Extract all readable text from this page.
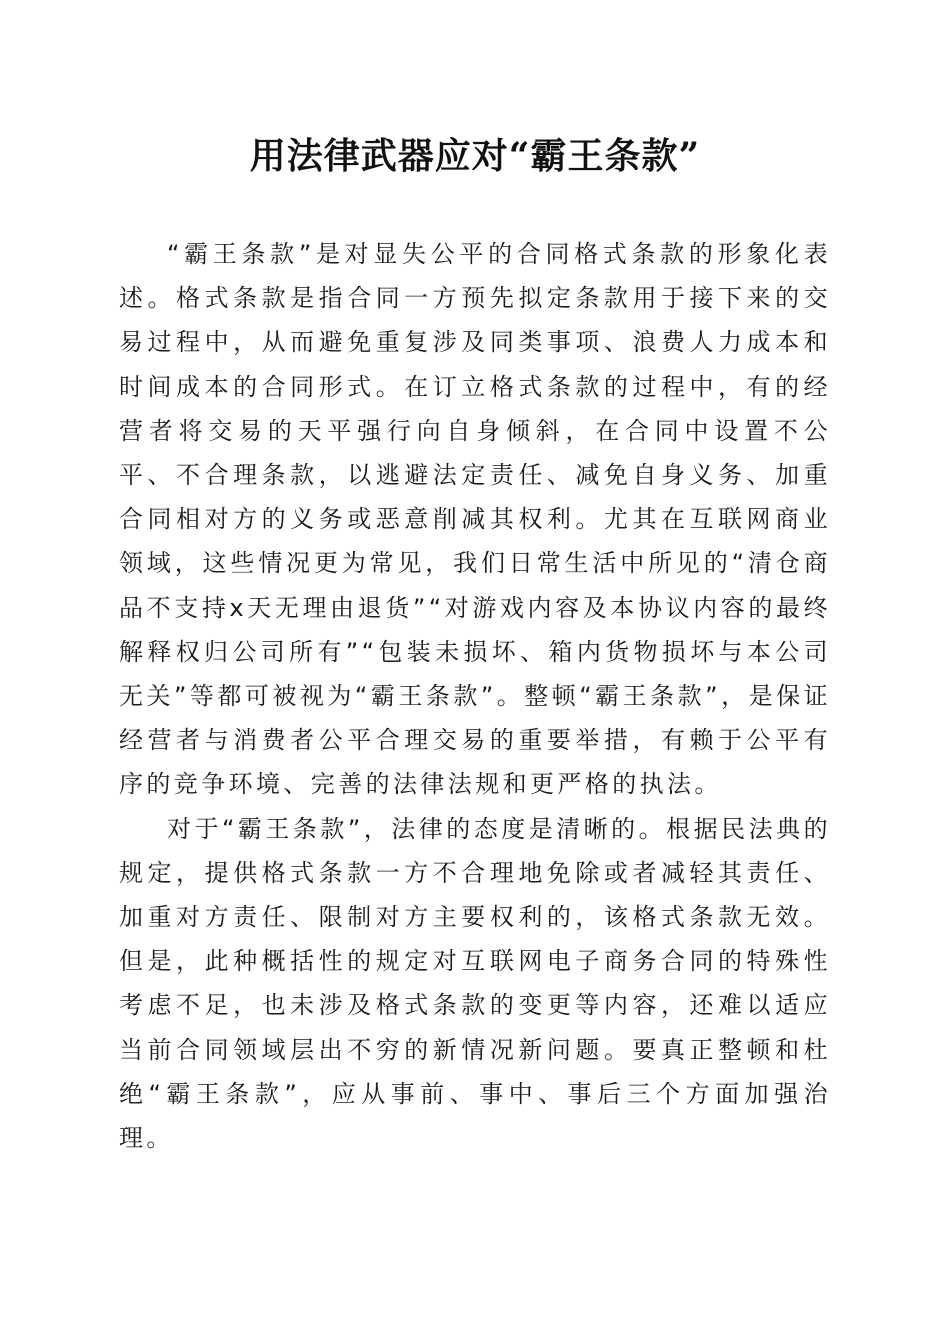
用法律武器应对“霸王条款”

“霸王条款”是对显失公平的合同格式条款的形象化表述。格式条款是指合同一方预先拟定条款用于接下来的交易过程中，从而避免重复涉及同类事项、浪费人力成本和时间成本的合同形式。在订立格式条款的过程中，有的经营者将交易的天平强行向自身倾斜，在合同中设置不公平、不合理条款，以逃避法定责任、减免自身义务、加重合同相对方的义务或恶意削减其权利。尤其在互联网商业领域，这些情况更为常见，我们日常生活中所见的“清仓商品不支持x天无理由退货”“对游戏内容及本协议内容的最终解释权归公司所有”“包装未损坏、箱内货物损坏与本公司无关”等都可被视为“霸王条款”。整顿“霸王条款”，是保证经营者与消费者公平合理交易的重要举措，有赖于公平有序的竞争环境、完善的法律法规和更严格的执法。

对于“霸王条款”，法律的态度是清晰的。根据民法典的规定，提供格式条款一方不合理地免除或者减轻其责任、加重对方责任、限制对方主要权利的，该格式条款无效。但是，此种概括性的规定对互联网电子商务合同的特殊性考虑不足，也未涉及格式条款的变更等内容，还难以适应当前合同领域层出不穷的新情况新问题。要真正整顿和杜绝“霸王条款”，应从事前、事中、事后三个方面加强治理。
